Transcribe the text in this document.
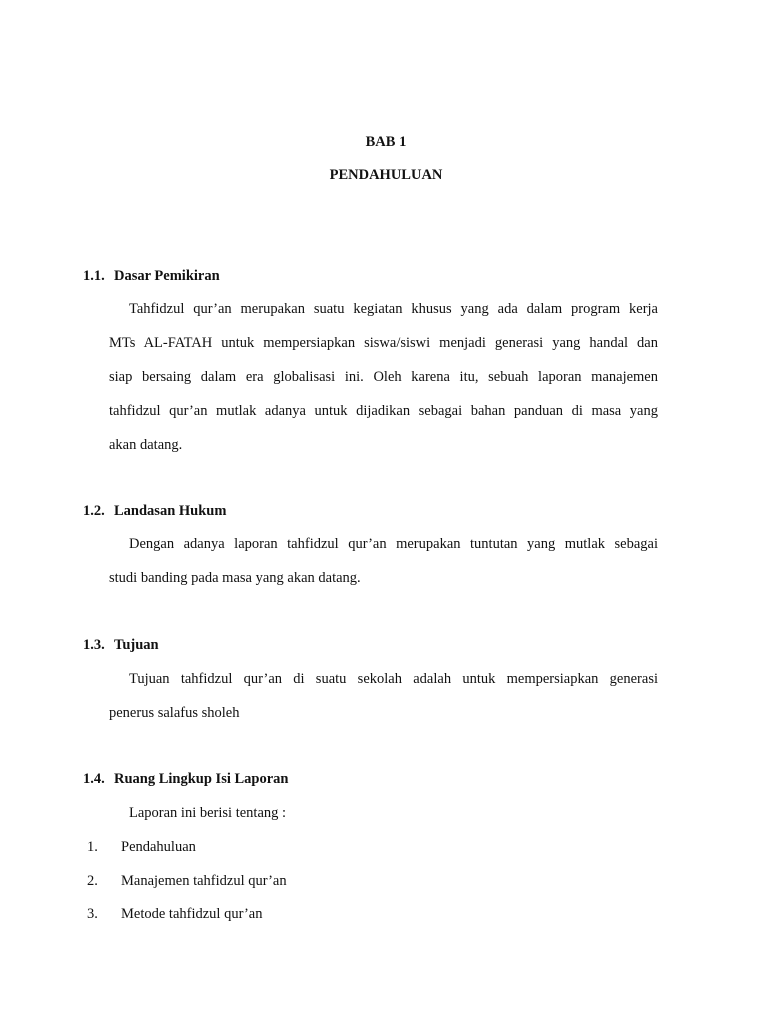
BAB 1
PENDAHULUAN
1.1. Dasar Pemikiran
Tahfidzul qur’an merupakan suatu kegiatan khusus yang ada dalam program kerja
MTs AL-FATAH untuk mempersiapkan siswa/siswi menjadi generasi yang handal dan
siap bersaing dalam era globalisasi ini. Oleh karena itu, sebuah laporan manajemen
tahfidzul qur’an mutlak adanya untuk dijadikan sebagai bahan panduan di masa yang
akan datang.
1.2. Landasan Hukum
Dengan adanya laporan tahfidzul qur’an merupakan tuntutan yang mutlak sebagai
studi banding pada masa yang akan datang.
1.3. Tujuan
Tujuan tahfidzul qur’an di suatu sekolah adalah untuk mempersiapkan generasi
penerus salafus sholeh
1.4. Ruang Lingkup Isi Laporan
Laporan ini berisi tentang :
1. Pendahuluan
2. Manajemen tahfidzul qur’an
3. Metode tahfidzul qur’an
